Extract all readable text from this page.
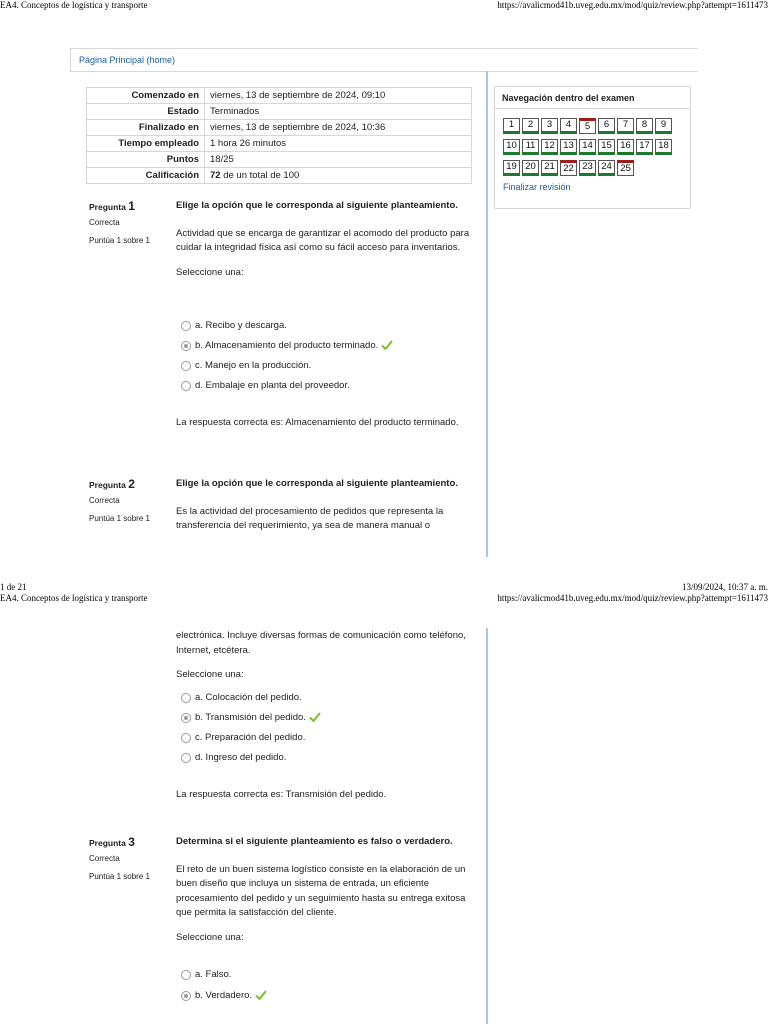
EA4. Conceptos de logística y transporte	https://avalicmod41b.uveg.edu.mx/mod/quiz/review.php?attempt=1611473
Página Principal (home)
Comenzado en	viernes, 13 de septiembre de 2024, 09:10
Estado	Terminados
Finalizado en	viernes, 13 de septiembre de 2024, 10:36
Tiempo empleado	1 hora 26 minutos
Puntos	18/25
Calificación	72 de un total de 100
Navegación dentro del examen
1	2	3	4	5	6	7	8	9
10 11 12 13 14 15 16 17 18
19 20 21 22 23 24 25
Finalizar revisión
Pregunta 1
Correcta
Puntúa 1 sobre 1
Elige la opción que le corresponda al siguiente planteamiento.
Actividad que se encarga de garantizar el acomodo del producto para cuidar la integridad física así como su fácil acceso para inventarios.
Seleccione una:
a. Recibo y descarga.
b. Almacenamiento del producto terminado.
c. Manejo en la producción.
d. Embalaje en planta del proveedor.
La respuesta correcta es: Almacenamiento del producto terminado.
Pregunta 2
Correcta
Puntúa 1 sobre 1
Elige la opción que le corresponda al siguiente planteamiento.
Es la actividad del procesamiento de pedidos que representa la transferencia del requerimiento, ya sea de manera manual o
1 de 21	13/09/2024, 10:37 a. m.
EA4. Conceptos de logística y transporte	https://avalicmod41b.uveg.edu.mx/mod/quiz/review.php?attempt=1611473
electrónica. Incluye diversas formas de comunicación como teléfono, Internet, etcétera.
Seleccione una:
a. Colocación del pedido.
b. Transmisión del pedido.
c. Preparación del pedido.
d. Ingreso del pedido.
La respuesta correcta es: Transmisión del pedido.
Pregunta 3
Correcta
Puntúa 1 sobre 1
Determina si el siguiente planteamiento es falso o verdadero.
El reto de un buen sistema logístico consiste en la elaboración de un buen diseño que incluya un sistema de entrada, un eficiente procesamiento del pedido y un seguimiento hasta su entrega exitosa que permita la satisfacción del cliente.
Seleccione una:
a. Falso.
b. Verdadero.
